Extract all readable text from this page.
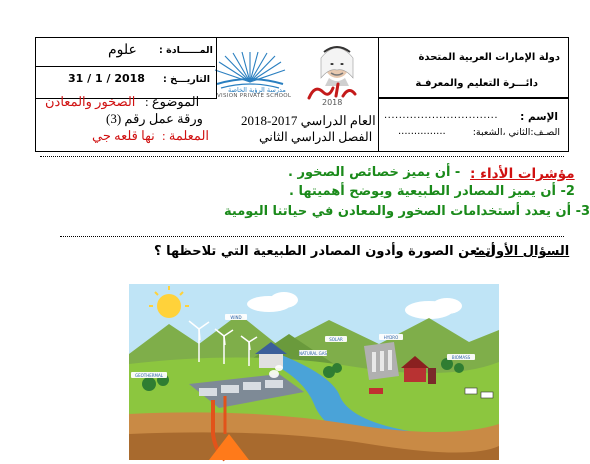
دولة الإمارات العربية المتحدة
دائـــرة التعليم والمعرفـة
الإسم :
...............................
الصـف:الثاني ،الشعبة:
...............
العام الدراسي 2017-2018
الفصل الدراسي الثاني
2018
مدرسة الرؤية الخاصة
VISION PRIVATE SCHOOL
المــــــادة :
علوم
التاريـــخ :
31 / 1 / 2018
الموضوع :
الصخور والمعادن
ورقة عمل رقم (3)
المعلمة :
نها قلعه جي
مؤشرات الأداء :
- أن يميز خصائص الصخور .
2- أن يميز المصادر الطبيعية ويوضح أهميتها .
3- أن يعدد أستخدامات الصخور والمعادن في حياتنا اليومية
السؤال الأول :
أتمعن الصورة وأدون المصادر الطبيعية التي تلاحظها ؟
WIND
SOLAR	HYDRO
GEOTHERMAL
BIOMASS
NATURAL GAS
